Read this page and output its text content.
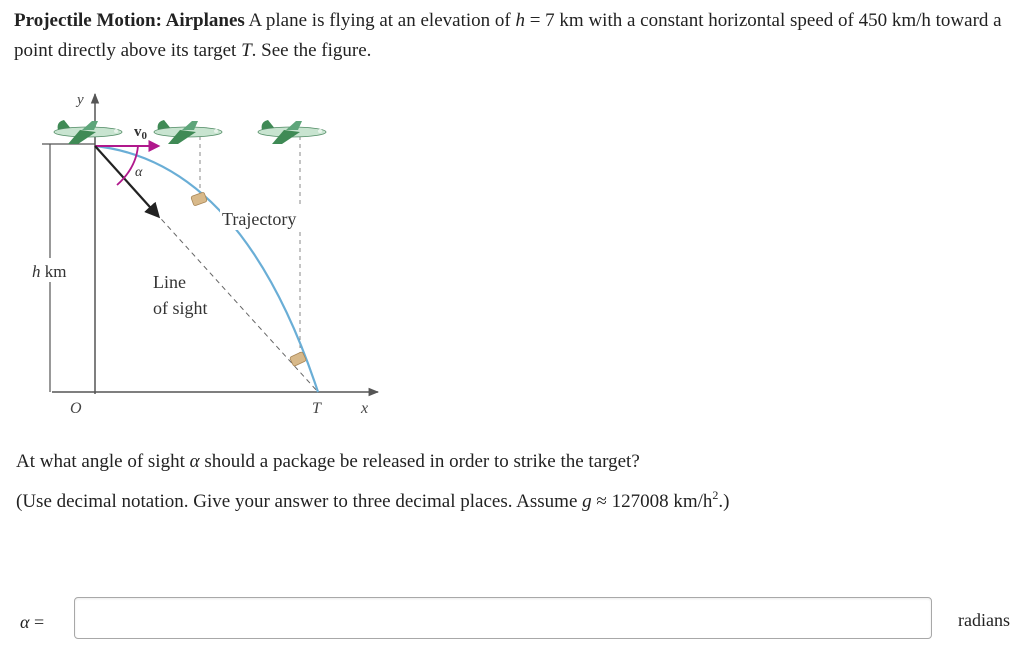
Projectile Motion: Airplanes A plane is flying at an elevation of h = 7 km with a constant horizontal speed of 450 km/h toward a point directly above its target T. See the figure.
y
x
O	T
h km
$v_0$
α
Trajectory
Line
of sight
At what angle of sight α should a package be released in order to strike the target?
(Use decimal notation. Give your answer to three decimal places. Assume g ≈ 127008 $km/h^2$.)
α =	radians
